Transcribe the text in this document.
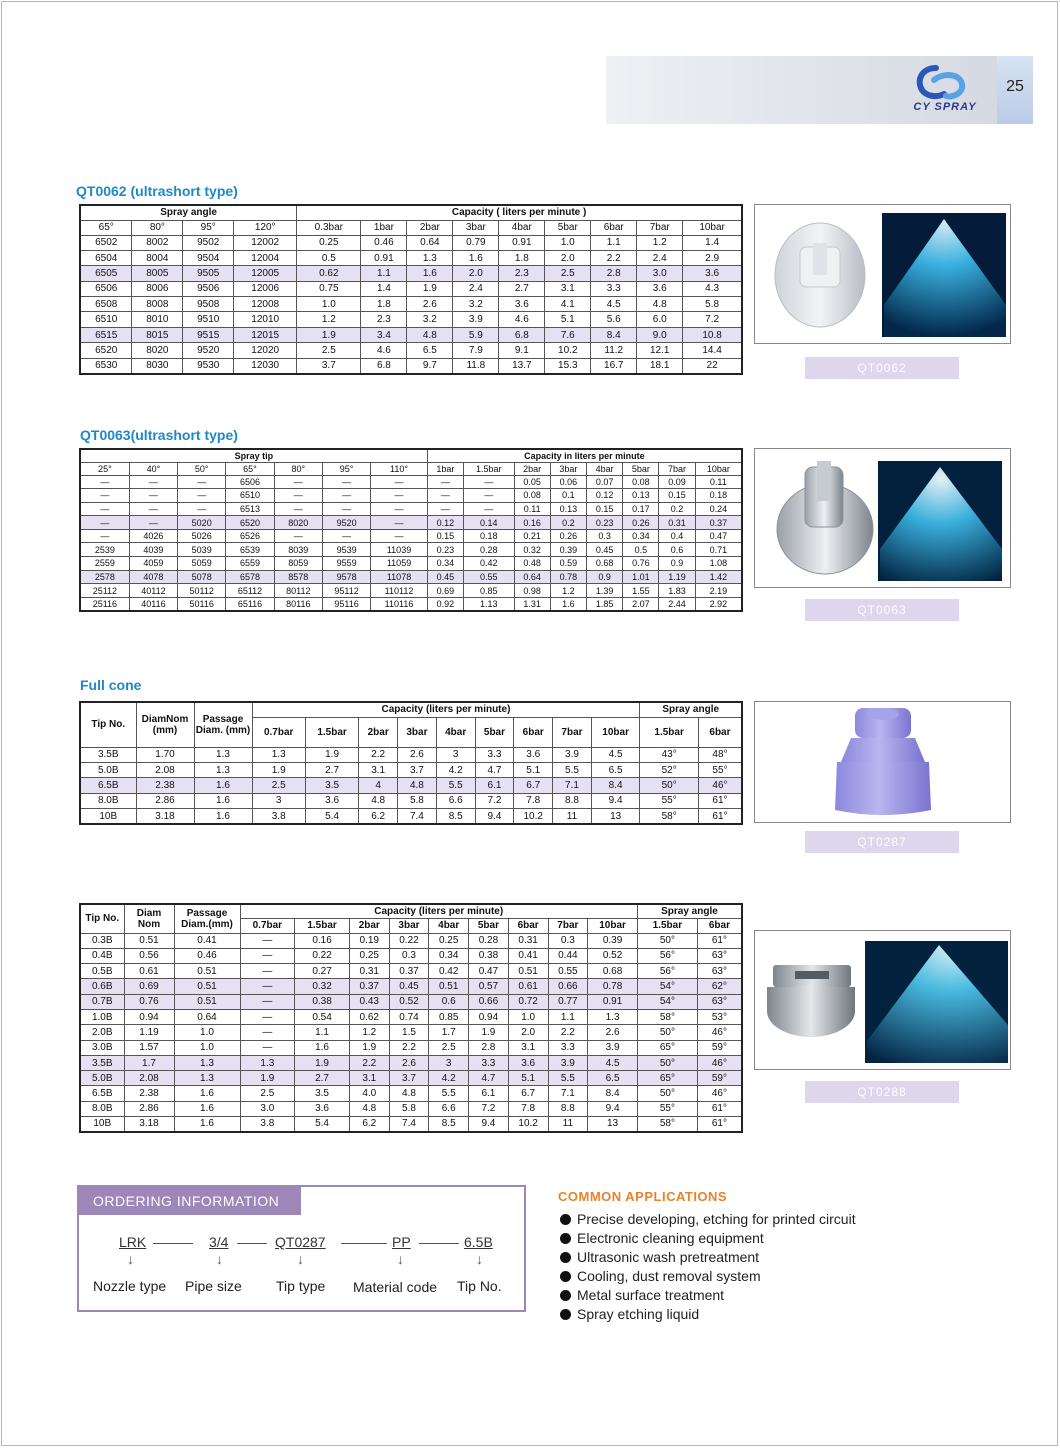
CY SPRAY
25
QT0062 (ultrashort type)
QT0063(ultrashort type)
Full cone
Spray angle				Capacity ( liters per minute )								
65°	80°	95°	120°	0.3bar	1bar	2bar	3bar	4bar	5bar	6bar	7bar	10bar
6502	8002	9502	12002	0.25	0.46	0.64	0.79	0.91	1.0	1.1	1.2	1.4
6504	8004	9504	12004	0.5	0.91	1.3	1.6	1.8	2.0	2.2	2.4	2.9
6505	8005	9505	12005	0.62	1.1	1.6	2.0	2.3	2.5	2.8	3.0	3.6
6506	8006	9506	12006	0.75	1.4	1.9	2.4	2.7	3.1	3.3	3.6	4.3
6508	8008	9508	12008	1.0	1.8	2.6	3.2	3.6	4.1	4.5	4.8	5.8
6510	8010	9510	12010	1.2	2.3	3.2	3.9	4.6	5.1	5.6	6.0	7.2
6515	8015	9515	12015	1.9	3.4	4.8	5.9	6.8	7.6	8.4	9.0	10.8
6520	8020	9520	12020	2.5	4.6	6.5	7.9	9.1	10.2	11.2	12.1	14.4
6530	8030	9530	12030	3.7	6.8	9.7	11.8	13.7	15.3	16.7	18.1	22
Spray tip							Capacity in liters per minute							
25°	40°	50°	65°	80°	95°	110°	1bar	1.5bar	2bar	3bar	4bar	5bar	7bar	10bar
—	—	—	6506	—	—	—	—	—	0.05	0.06	0.07	0.08	0.09	0.11
—	—	—	6510	—	—	—	—	—	0.08	0.1	0.12	0.13	0.15	0.18
—	—	—	6513	—	—	—	—	—	0.11	0.13	0.15	0.17	0.2	0.24
—	—	5020	6520	8020	9520	—	0.12	0.14	0.16	0.2	0.23	0.26	0.31	0.37
—	4026	5026	6526	—	—	—	0.15	0.18	0.21	0.26	0.3	0.34	0.4	0.47
2539	4039	5039	6539	8039	9539	11039	0.23	0.28	0.32	0.39	0.45	0.5	0.6	0.71
2559	4059	5059	6559	8059	9559	11059	0.34	0.42	0.48	0.59	0.68	0.76	0.9	1.08
2578	4078	5078	6578	8578	9578	11078	0.45	0.55	0.64	0.78	0.9	1.01	1.19	1.42
25112	40112	50112	65112	80112	95112	110112	0.69	0.85	0.98	1.2	1.39	1.55	1.83	2.19
25116	40116	50116	65116	80116	95116	110116	0.92	1.13	1.31	1.6	1.85	2.07	2.44	2.92
Tip No.	DiamNom (mm)	Passage Diam. (mm)	Capacity (liters per minute)									Spray angle	
			0.7bar	1.5bar	2bar	3bar	4bar	5bar	6bar	7bar	10bar	1.5bar	6bar
3.5B	1.70	1.3	1.3	1.9	2.2	2.6	3	3.3	3.6	3.9	4.5	43°	48°
5.0B	2.08	1.3	1.9	2.7	3.1	3.7	4.2	4.7	5.1	5.5	6.5	52°	55°
6.5B	2.38	1.6	2.5	3.5	4	4.8	5.5	6.1	6.7	7.1	8.4	50°	46°
8.0B	2.86	1.6	3	3.6	4.8	5.8	6.6	7.2	7.8	8.8	9.4	55°	61°
10B	3.18	1.6	3.8	5.4	6.2	7.4	8.5	9.4	10.2	11	13	58°	61°
Tip No.	Diam Nom	Passage Diam.(mm)	Capacity (liters per minute)									Spray angle	
			0.7bar	1.5bar	2bar	3bar	4bar	5bar	6bar	7bar	10bar	1.5bar	6bar
0.3B	0.51	0.41	—	0.16	0.19	0.22	0.25	0.28	0.31	0.3	0.39	50°	61°
0.4B	0.56	0.46	—	0.22	0.25	0.3	0.34	0.38	0.41	0.44	0.52	56°	63°
0.5B	0.61	0.51	—	0.27	0.31	0.37	0.42	0.47	0.51	0.55	0.68	56°	63°
0.6B	0.69	0.51	—	0.32	0.37	0.45	0.51	0.57	0.61	0.66	0.78	54°	62°
0.7B	0.76	0.51	—	0.38	0.43	0.52	0.6	0.66	0.72	0.77	0.91	54°	63°
1.0B	0.94	0.64	—	0.54	0.62	0.74	0.85	0.94	1.0	1.1	1.3	58°	53°
2.0B	1.19	1.0	—	1.1	1.2	1.5	1.7	1.9	2.0	2.2	2.6	50°	46°
3.0B	1.57	1.0	—	1.6	1.9	2.2	2.5	2.8	3.1	3.3	3.9	65°	59°
3.5B	1.7	1.3	1.3	1.9	2.2	2.6	3	3.3	3.6	3.9	4.5	50°	46°
5.0B	2.08	1.3	1.9	2.7	3.1	3.7	4.2	4.7	5.1	5.5	6.5	65°	59°
6.5B	2.38	1.6	2.5	3.5	4.0	4.8	5.5	6.1	6.7	7.1	8.4	50°	46°
8.0B	2.86	1.6	3.0	3.6	4.8	5.8	6.6	7.2	7.8	8.8	9.4	55°	61°
10B	3.18	1.6	3.8	5.4	6.2	7.4	8.5	9.4	10.2	11	13	58°	61°
QT0062
QT0063
QT0287
QT0288
ORDERING INFORMATION
LRK	3/4	QT0287	PP	6.5B
↓	↓	↓	↓	↓
Nozzle type Pipe size Tip type Material code Tip No.
COMMON APPLICATIONS
Precise developing, etching for printed circuit
Electronic cleaning equipment
Ultrasonic wash pretreatment
Cooling, dust removal system
Metal surface treatment
Spray etching liquid
